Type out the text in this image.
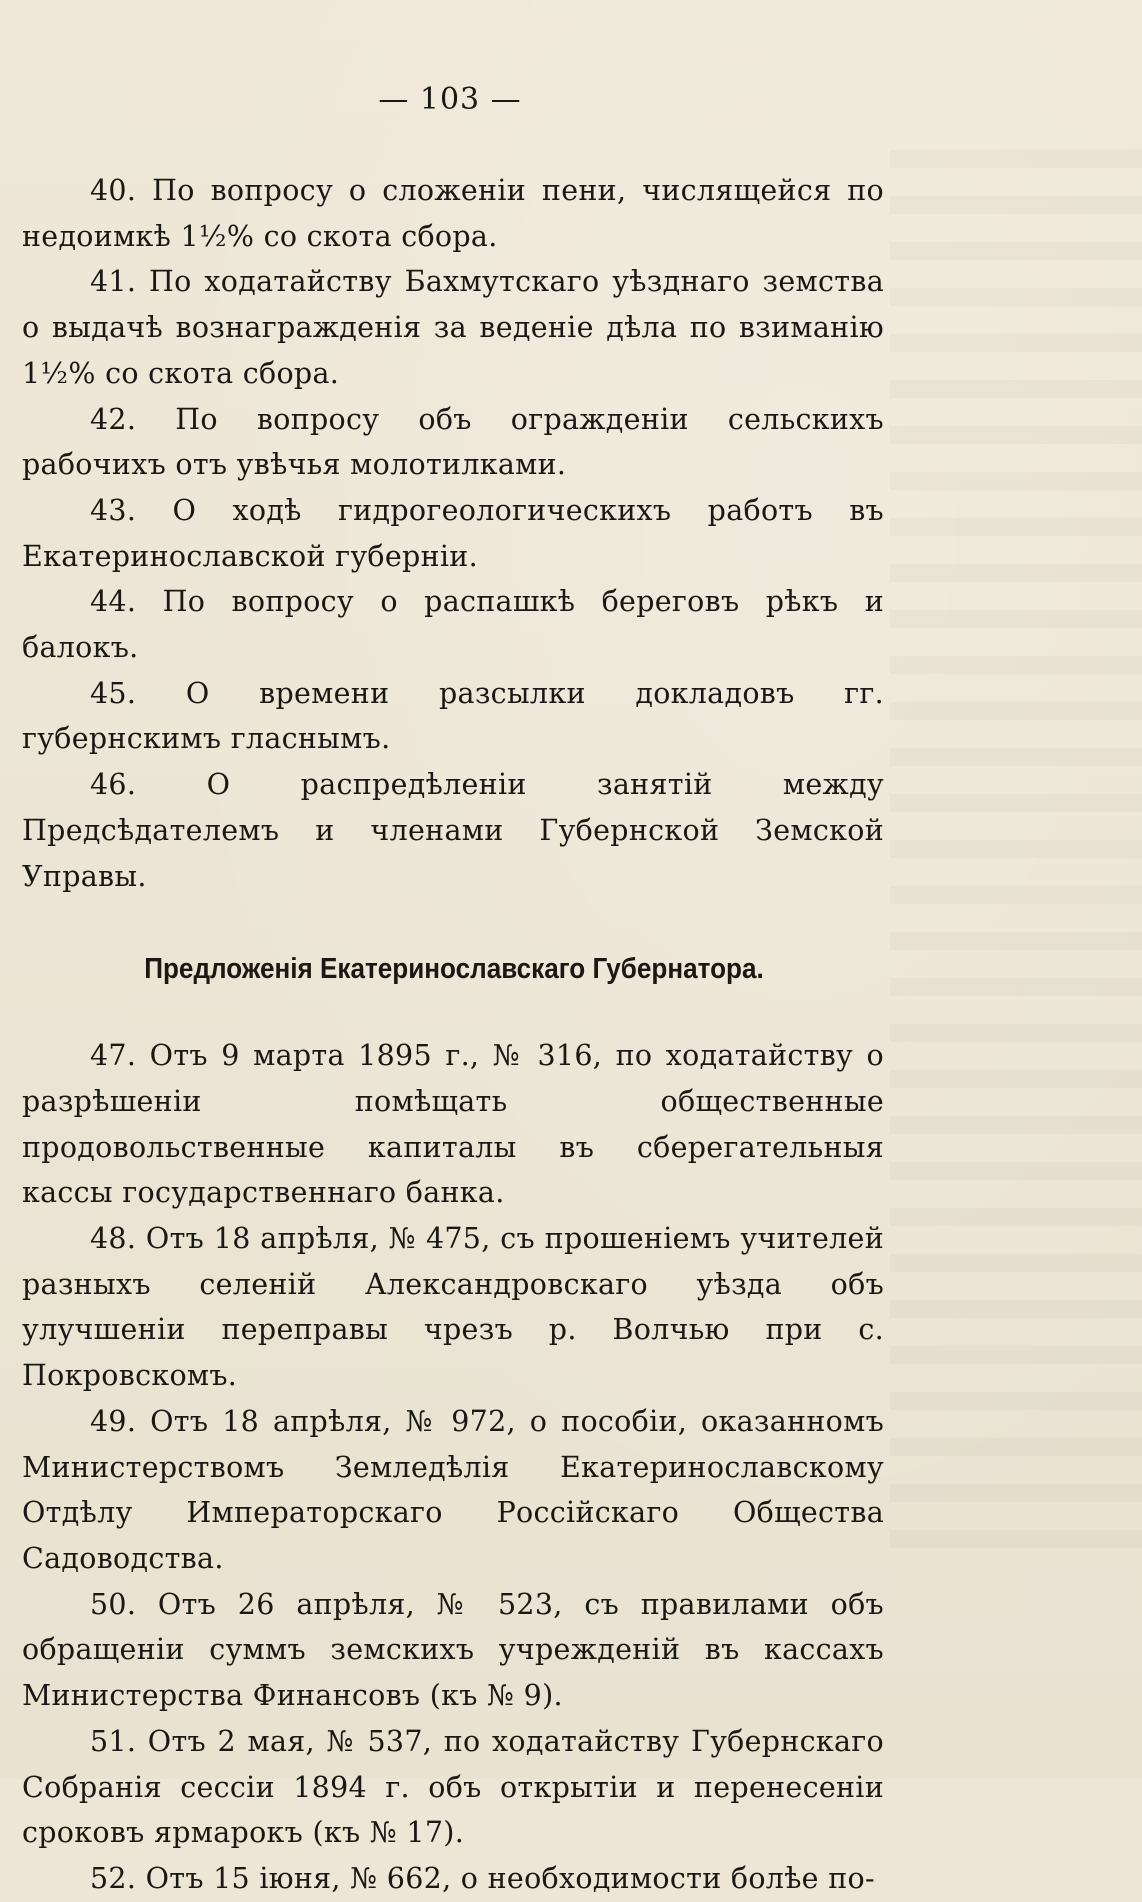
— 103 —

40. По вопросу о сложеніи пени, числящейся по недоимкѣ 1½% со скота сбора.

41. По ходатайству Бахмутскаго уѣзднаго земства о выдачѣ вознагражденія за веденіе дѣла по взиманію 1½% со скота сбора.

42. По вопросу объ огражденіи сельскихъ рабочихъ отъ увѣчья молотилками.

43. О ходѣ гидрогеологическихъ работъ въ Екатеринославской губерніи.

44. По вопросу о распашкѣ береговъ рѣкъ и балокъ.

45. О времени разсылки докладовъ гг. губернскимъ гласнымъ.

46. О распредѣленіи занятій между Предсѣдателемъ и членами Губернской Земской Управы.

Предложенія Екатеринославскаго Губернатора.

47. Отъ 9 марта 1895 г., № 316, по ходатайству о разрѣшеніи помѣщать общественные продовольственные капиталы въ сберегательныя кассы государственнаго банка.

48. Отъ 18 апрѣля, № 475, съ прошеніемъ учителей разныхъ селеній Александровскаго уѣзда объ улучшеніи переправы чрезъ р. Волчью при с. Покровскомъ.

49. Отъ 18 апрѣля, № 972, о пособіи, оказанномъ Министерствомъ Земледѣлія Екатеринославскому Отдѣлу Императорскаго Россійскаго Общества Садоводства.

50. Отъ 26 апрѣля, № 523, съ правилами объ обращеніи суммъ земскихъ учрежденій въ кассахъ Министерства Финансовъ (къ № 9).

51. Отъ 2 мая, № 537, по ходатайству Губернскаго Собранія сессіи 1894 г. объ открытіи и перенесеніи сроковъ ярмарокъ (къ № 17).

52. Отъ 15 іюня, № 662, о необходимости болѣе по-
